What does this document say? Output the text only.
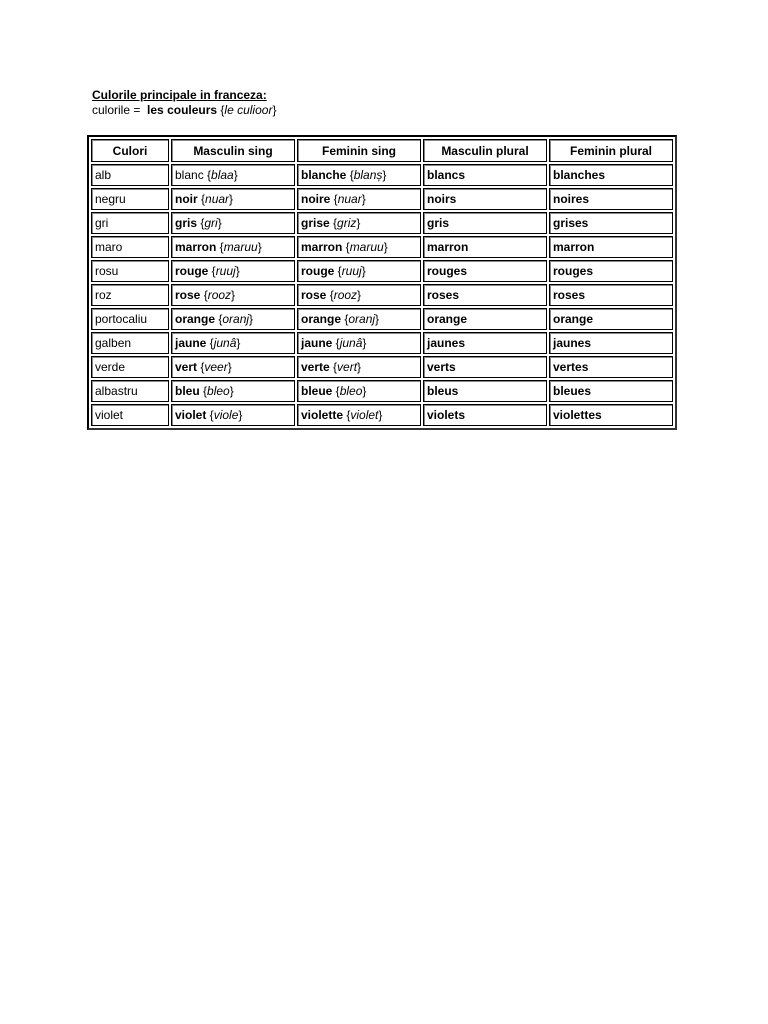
Culorile principale in franceza:
culorile =  les couleurs {le culioor}
Culori	Masculin sing	Feminin sing	Masculin plural	Feminin plural
alb	blanc {blaa}	blanche {blanș}	blancs	blanches
negru	noir {nuar}	noire {nuar}	noirs	noires
gri	gris {gri}	grise {griz}	gris	grises
maro	marron {maruu}	marron {maruu}	marron	marron
rosu	rouge {ruuj}	rouge {ruuj}	rouges	rouges
roz	rose {rooz}	rose {rooz}	roses	roses
portocaliu	orange {oranj}	orange {oranj}	orange	orange
galben	jaune {junâ}	jaune {junâ}	jaunes	jaunes
verde	vert {veer}	verte {vert}	verts	vertes
albastru	bleu {bleo}	bleue {bleo}	bleus	bleues
violet	violet {viole}	violette {violet}	violets	violettes
